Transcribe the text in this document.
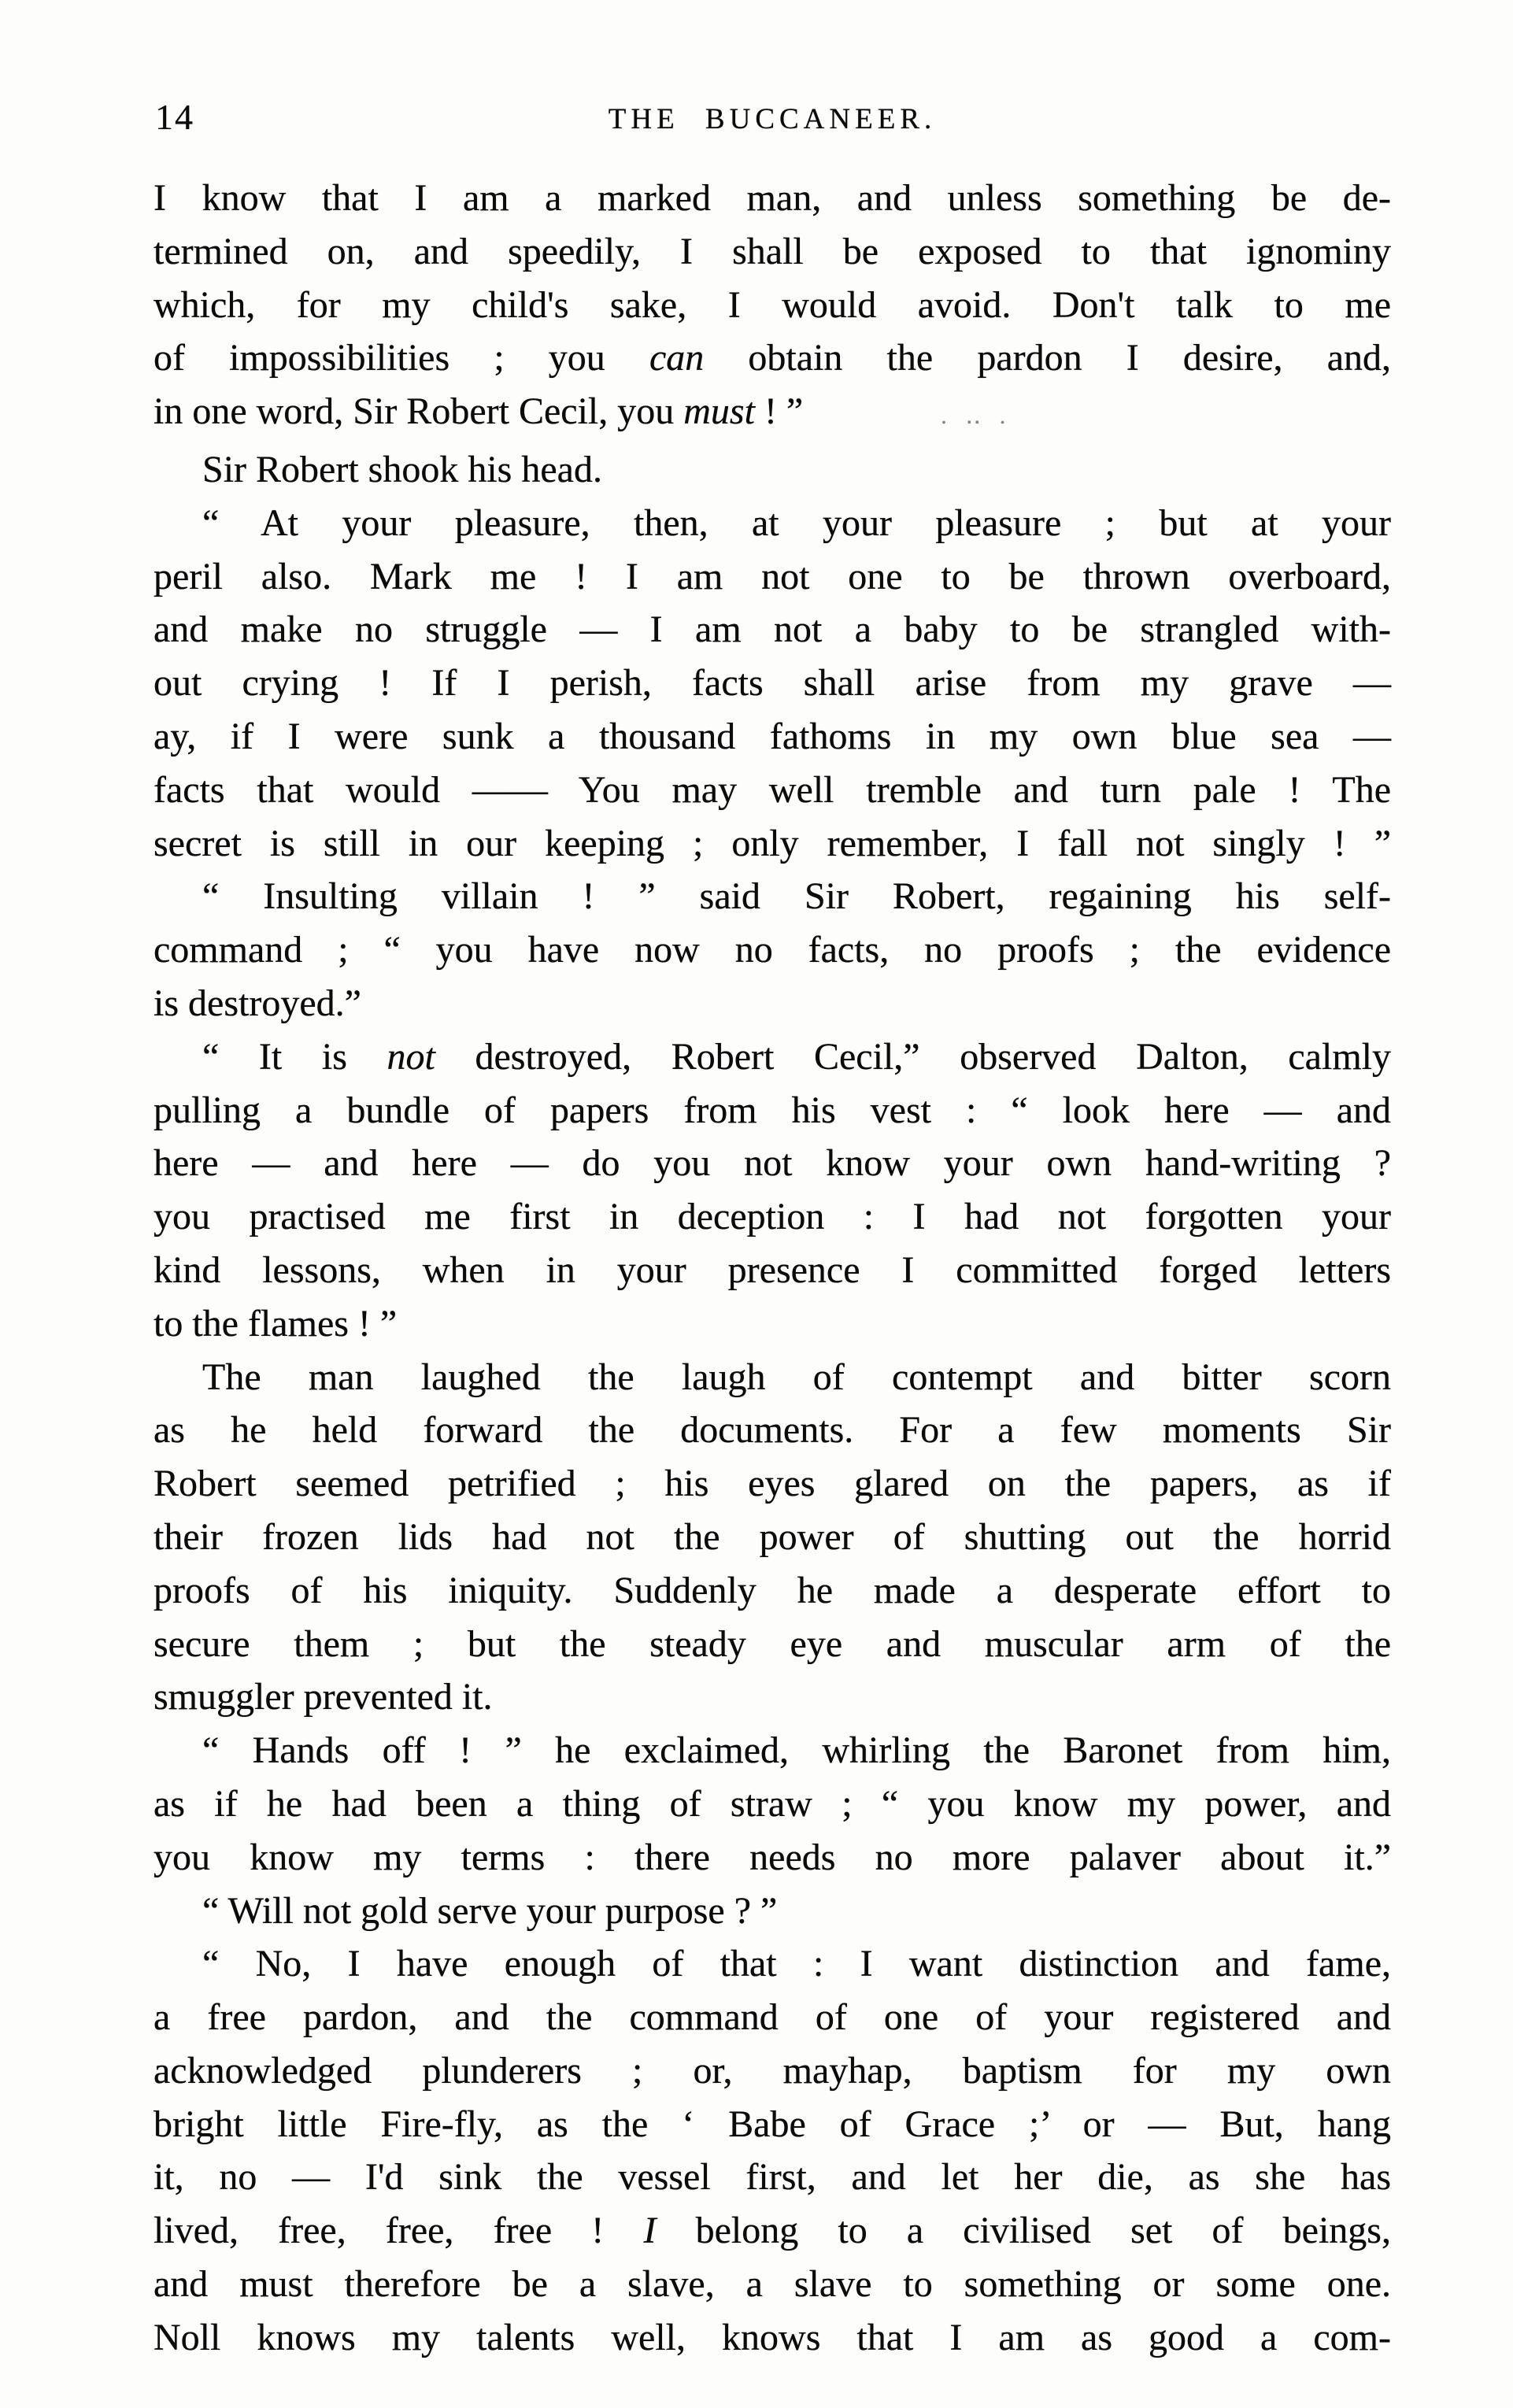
14	THE BUCCANEER.
I know that I am a marked man, and unless something be de-
termined on, and speedily, I shall be exposed to that ignominy
which, for my child's sake, I would avoid. Don't talk to me
of impossibilities ; you can obtain the pardon I desire, and,
in one word, Sir Robert Cecil, you must ! ”	. ‥ .
Sir Robert shook his head.
“ At your pleasure, then, at your pleasure ; but at your
peril also. Mark me ! I am not one to be thrown overboard,
and make no struggle — I am not a baby to be strangled with-
out crying ! If I perish, facts shall arise from my grave —
ay, if I were sunk a thousand fathoms in my own blue sea —
facts that would —— You may well tremble and turn pale ! The
secret is still in our keeping ; only remember, I fall not singly ! ”
“ Insulting villain ! ” said Sir Robert, regaining his self-
command ; “ you have now no facts, no proofs ; the evidence
is destroyed.”
“ It is not destroyed, Robert Cecil,” observed Dalton, calmly
pulling a bundle of papers from his vest : “ look here — and
here — and here — do you not know your own hand-writing ?
you practised me first in deception : I had not forgotten your
kind lessons, when in your presence I committed forged letters
to the flames ! ”
The man laughed the laugh of contempt and bitter scorn
as he held forward the documents. For a few moments Sir
Robert seemed petrified ; his eyes glared on the papers, as if
their frozen lids had not the power of shutting out the horrid
proofs of his iniquity. Suddenly he made a desperate effort to
secure them ; but the steady eye and muscular arm of the
smuggler prevented it.
“ Hands off ! ” he exclaimed, whirling the Baronet from him,
as if he had been a thing of straw ; “ you know my power, and
you know my terms : there needs no more palaver about it.”
“ Will not gold serve your purpose ? ”
“ No, I have enough of that : I want distinction and fame,
a free pardon, and the command of one of your registered and
acknowledged plunderers ; or, mayhap, baptism for my own
bright little Fire-fly, as the ‘ Babe of Grace ;’ or — But, hang
it, no — I'd sink the vessel first, and let her die, as she has
lived, free, free, free ! I belong to a civilised set of beings,
and must therefore be a slave, a slave to something or some one.
Noll knows my talents well, knows that I am as good a com-
